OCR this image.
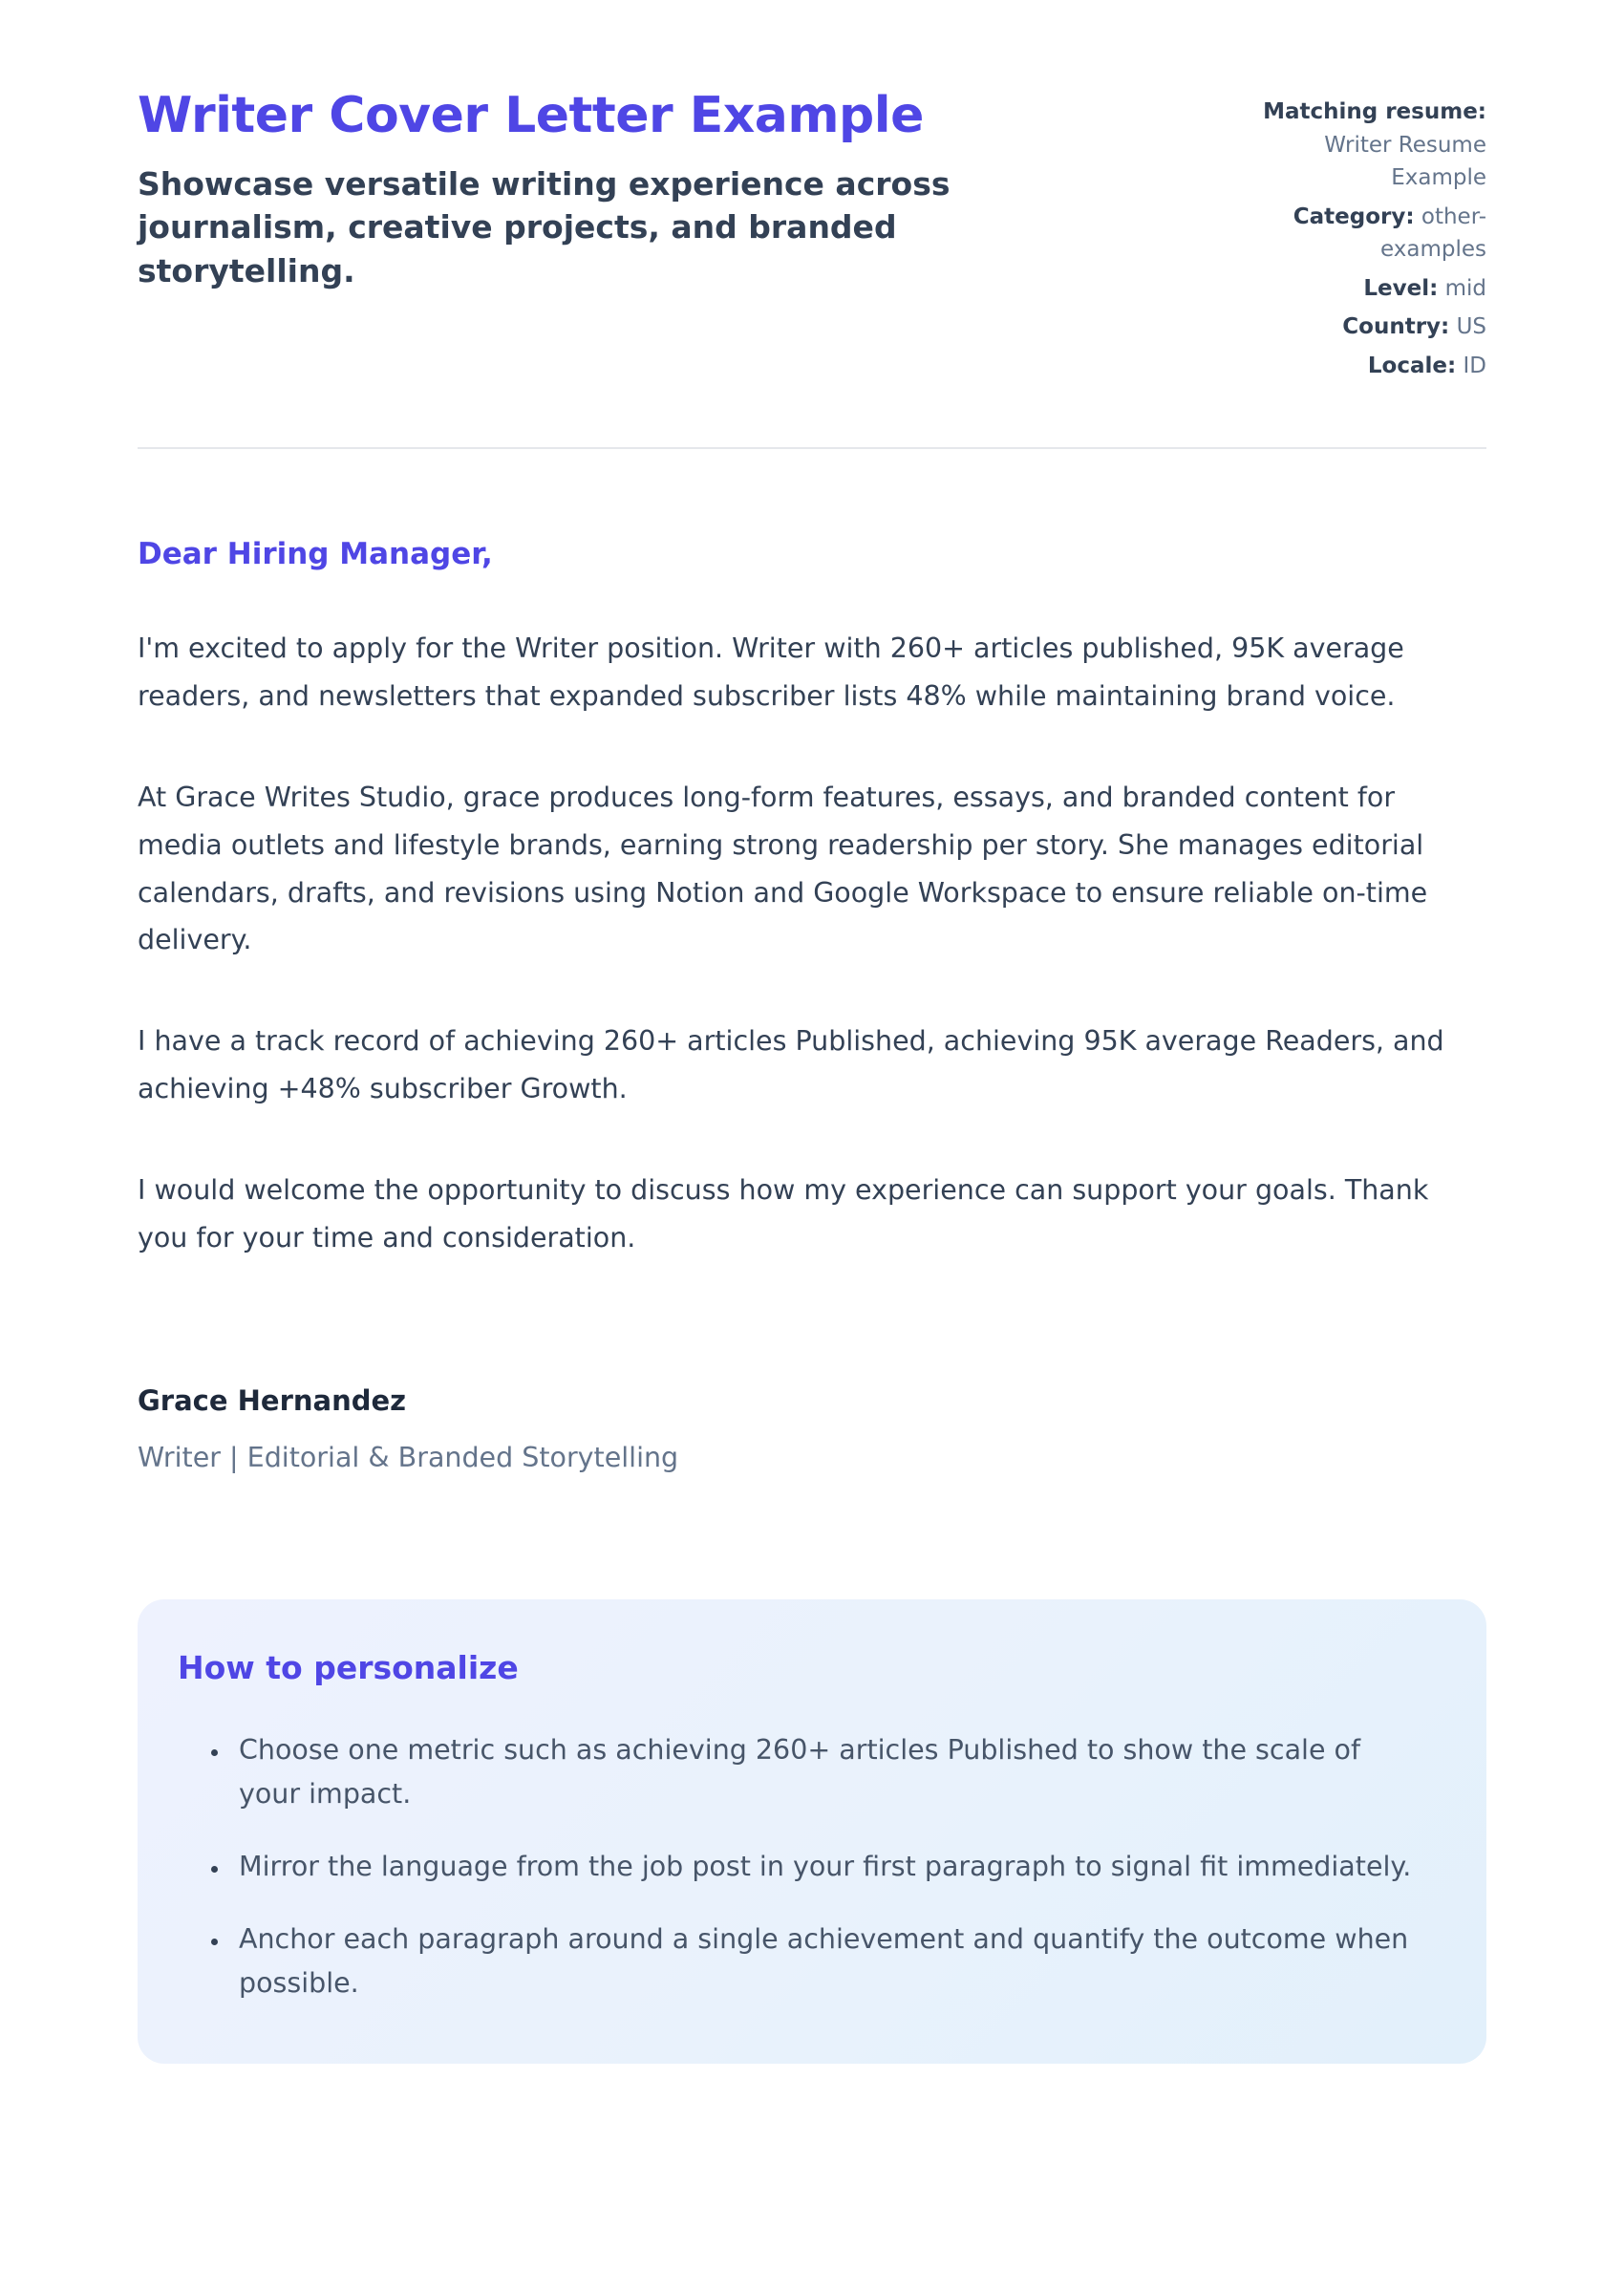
Writer Cover Letter Example
Showcase versatile writing experience across journalism, creative projects, and branded storytelling.
Matching resume: Writer Resume Example
Category: other-examples
Level: mid
Country: US
Locale: ID

Dear Hiring Manager,

I'm excited to apply for the Writer position. Writer with 260+ articles published, 95K average readers, and newsletters that expanded subscriber lists 48% while maintaining brand voice.

At Grace Writes Studio, grace produces long-form features, essays, and branded content for media outlets and lifestyle brands, earning strong readership per story. She manages editorial calendars, drafts, and revisions using Notion and Google Workspace to ensure reliable on-time delivery.

I have a track record of achieving 260+ articles Published, achieving 95K average Readers, and achieving +48% subscriber Growth.

I would welcome the opportunity to discuss how my experience can support your goals. Thank you for your time and consideration.

Grace Hernandez

Writer | Editorial & Branded Storytelling

How to personalize
• Choose one metric such as achieving 260+ articles Published to show the scale of your impact.
• Mirror the language from the job post in your first paragraph to signal fit immediately.
• Anchor each paragraph around a single achievement and quantify the outcome when possible.
